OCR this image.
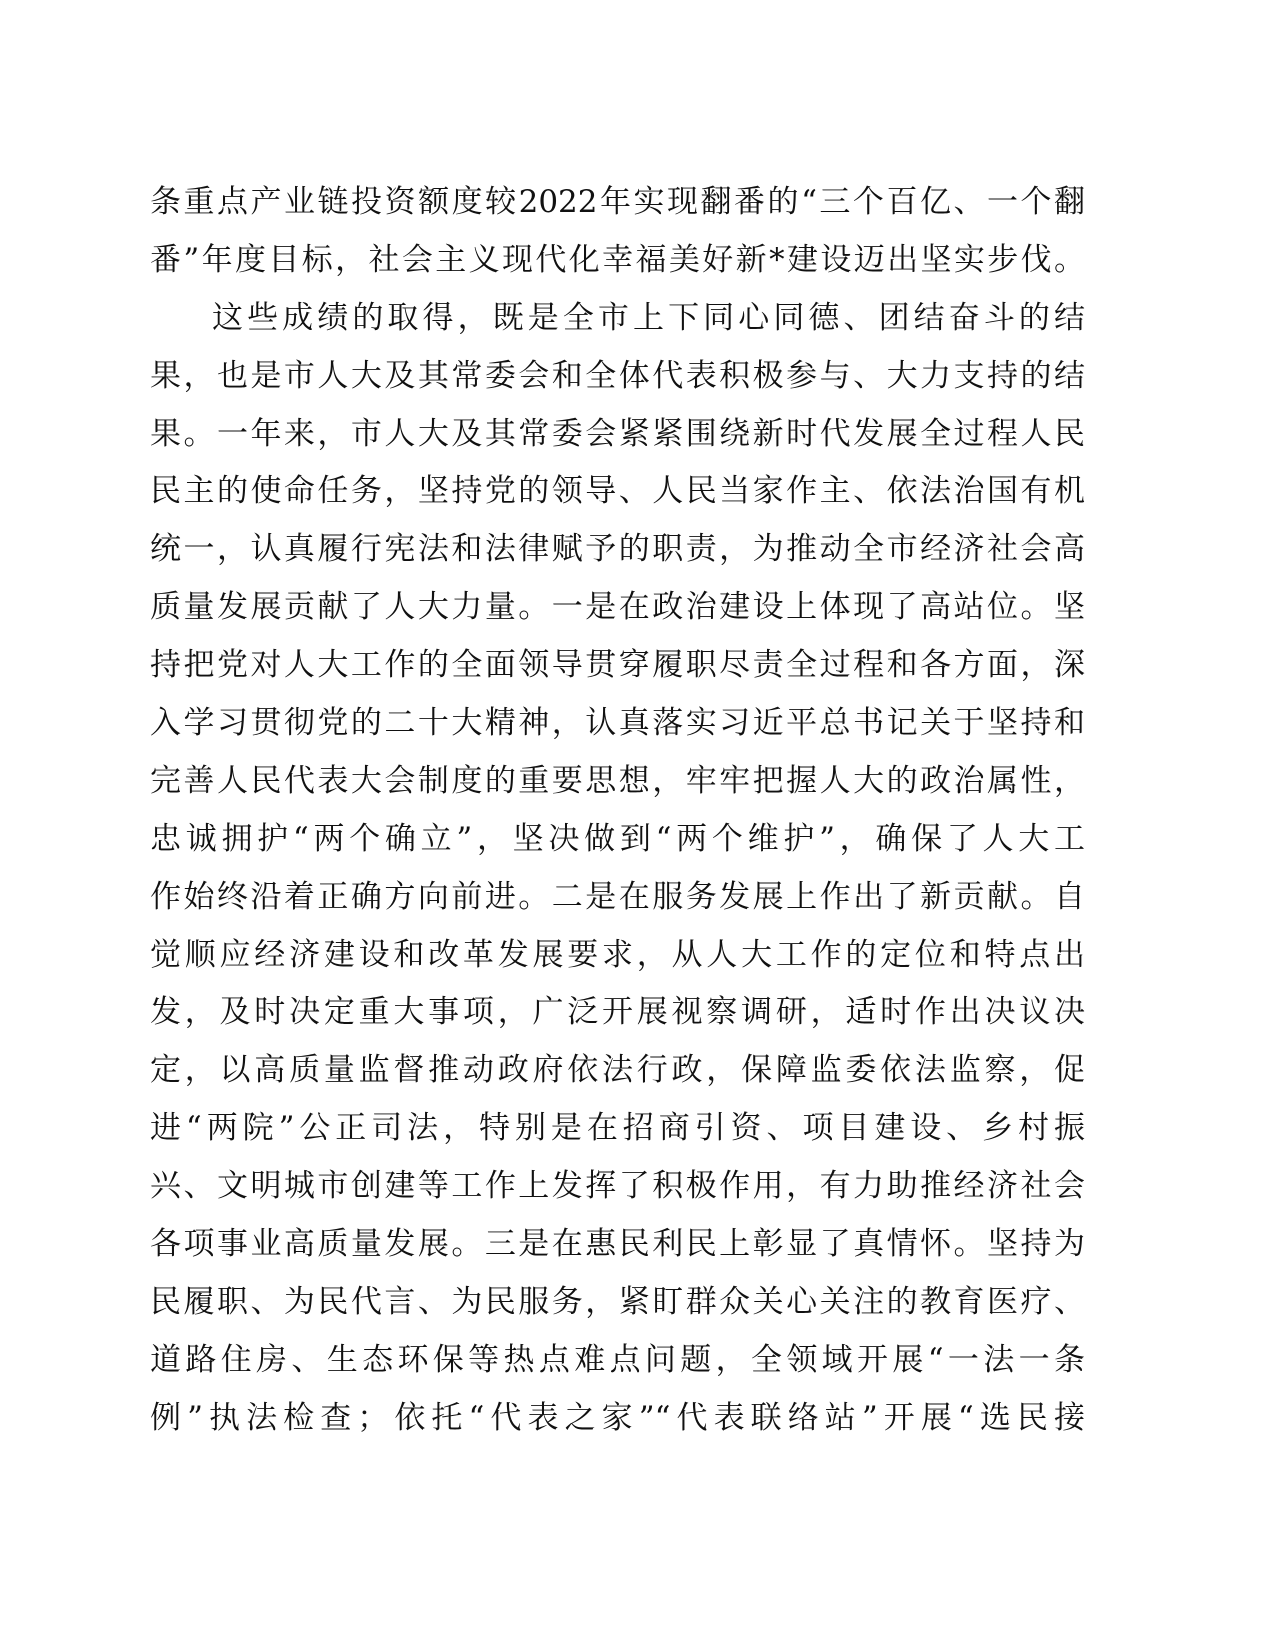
条重点产业链投资额度较2022年实现翻番的“三个百亿、一个翻
番”年度目标，社会主义现代化幸福美好新*建设迈出坚实步伐。
这些成绩的取得，既是全市上下同心同德、团结奋斗的结
果，也是市人大及其常委会和全体代表积极参与、大力支持的结
果。一年来，市人大及其常委会紧紧围绕新时代发展全过程人民
民主的使命任务，坚持党的领导、人民当家作主、依法治国有机
统一，认真履行宪法和法律赋予的职责，为推动全市经济社会高
质量发展贡献了人大力量。一是在政治建设上体现了高站位。坚
持把党对人大工作的全面领导贯穿履职尽责全过程和各方面，深
入学习贯彻党的二十大精神，认真落实习近平总书记关于坚持和
完善人民代表大会制度的重要思想，牢牢把握人大的政治属性，
忠诚拥护“两个确立”，坚决做到“两个维护”，确保了人大工
作始终沿着正确方向前进。二是在服务发展上作出了新贡献。自
觉顺应经济建设和改革发展要求，从人大工作的定位和特点出
发，及时决定重大事项，广泛开展视察调研，适时作出决议决
定，以高质量监督推动政府依法行政，保障监委依法监察，促
进“两院”公正司法，特别是在招商引资、项目建设、乡村振
兴、文明城市创建等工作上发挥了积极作用，有力助推经济社会
各项事业高质量发展。三是在惠民利民上彰显了真情怀。坚持为
民履职、为民代言、为民服务，紧盯群众关心关注的教育医疗、
道路住房、生态环保等热点难点问题，全领域开展“一法一条
例”执法检查；依托“代表之家”“代表联络站”开展“选民接
